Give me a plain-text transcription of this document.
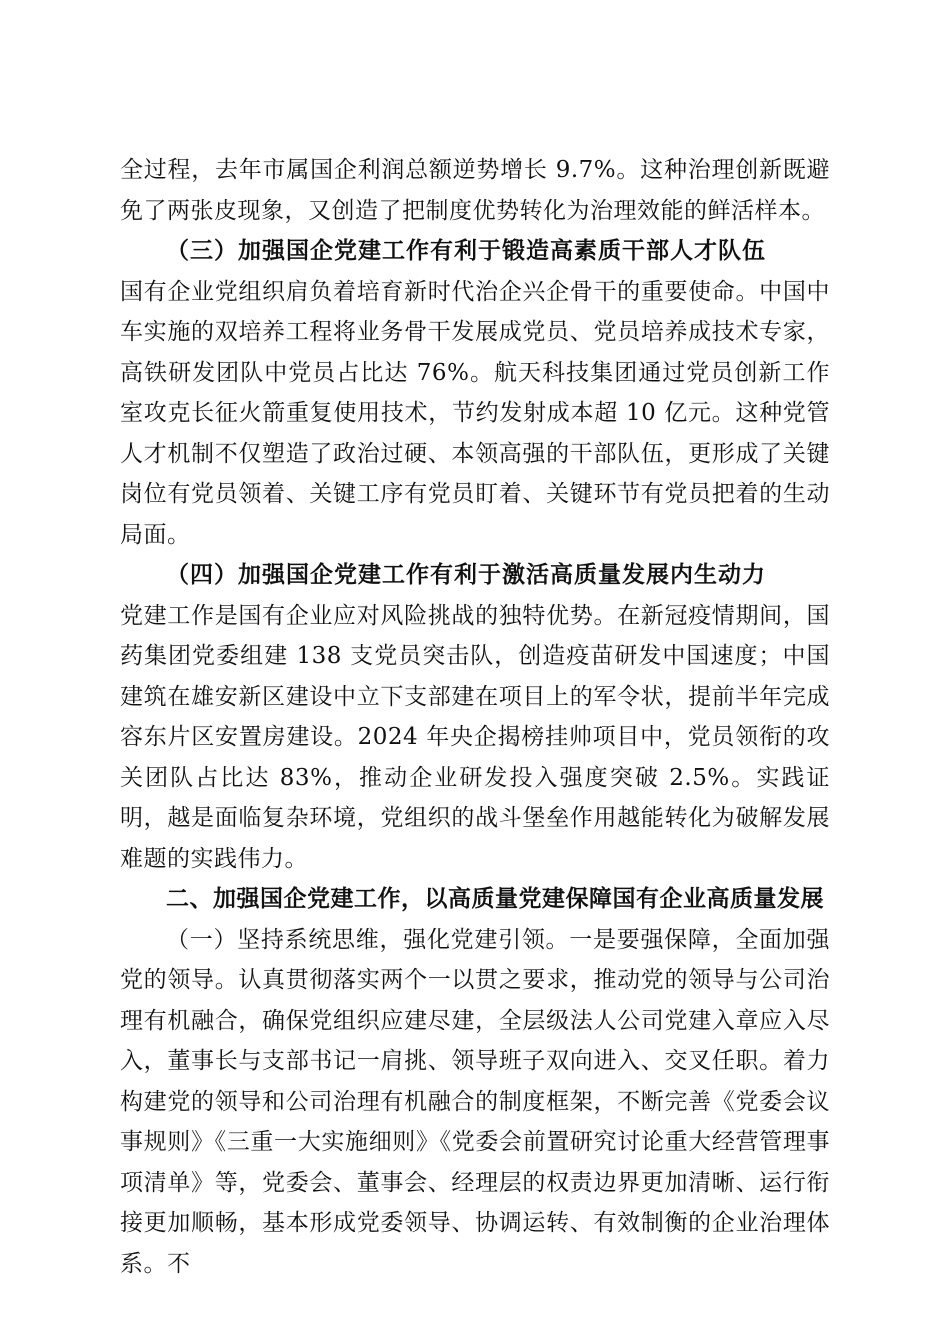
全过程，去年市属国企利润总额逆势增长 9.7%。这种治理创新既避免了两张皮现象，又创造了把制度优势转化为治理效能的鲜活样本。

（三）加强国企党建工作有利于锻造高素质干部人才队伍

国有企业党组织肩负着培育新时代治企兴企骨干的重要使命。中国中车实施的双培养工程将业务骨干发展成党员、党员培养成技术专家，高铁研发团队中党员占比达 76%。航天科技集团通过党员创新工作室攻克长征火箭重复使用技术，节约发射成本超 10 亿元。这种党管人才机制不仅塑造了政治过硬、本领高强的干部队伍，更形成了关键岗位有党员领着、关键工序有党员盯着、关键环节有党员把着的生动局面。

（四）加强国企党建工作有利于激活高质量发展内生动力

党建工作是国有企业应对风险挑战的独特优势。在新冠疫情期间，国药集团党委组建 138 支党员突击队，创造疫苗研发中国速度；中国建筑在雄安新区建设中立下支部建在项目上的军令状，提前半年完成容东片区安置房建设。2024 年央企揭榜挂帅项目中，党员领衔的攻关团队占比达 83%，推动企业研发投入强度突破 2.5%。实践证明，越是面临复杂环境，党组织的战斗堡垒作用越能转化为破解发展难题的实践伟力。

二、加强国企党建工作，以高质量党建保障国有企业高质量发展

（一）坚持系统思维，强化党建引领。一是要强保障，全面加强党的领导。认真贯彻落实两个一以贯之要求，推动党的领导与公司治理有机融合，确保党组织应建尽建，全层级法人公司党建入章应入尽入，董事长与支部书记一肩挑、领导班子双向进入、交叉任职。着力构建党的领导和公司治理有机融合的制度框架，不断完善《党委会议事规则》《三重一大实施细则》《党委会前置研究讨论重大经营管理事项清单》等，党委会、董事会、经理层的权责边界更加清晰、运行衔接更加顺畅，基本形成党委领导、协调运转、有效制衡的企业治理体系。不
